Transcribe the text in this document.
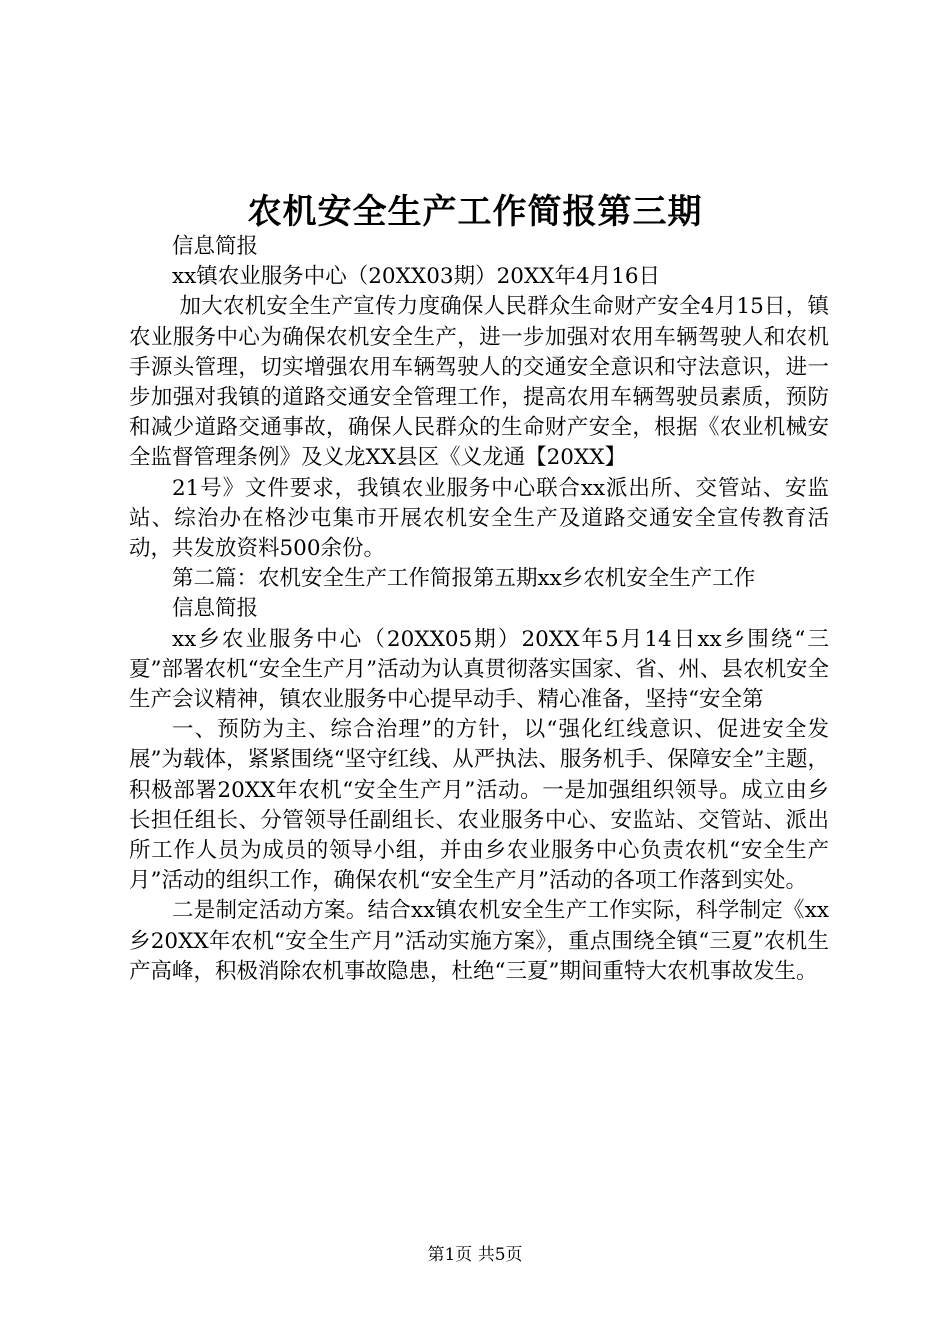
农机安全生产工作简报第三期

信息简报

xx镇农业服务中心（20XX03期）20XX年4月16日

加大农机安全生产宣传力度确保人民群众生命财产安全4月15日，镇农业服务中心为确保农机安全生产，进一步加强对农用车辆驾驶人和农机手源头管理，切实增强农用车辆驾驶人的交通安全意识和守法意识，进一步加强对我镇的道路交通安全管理工作，提高农用车辆驾驶员素质，预防和减少道路交通事故，确保人民群众的生命财产安全，根据《农业机械安全监督管理条例》及义龙XX县区《义龙通【20XX】

21号》文件要求，我镇农业服务中心联合xx派出所、交管站、安监站、综治办在格沙屯集市开展农机安全生产及道路交通安全宣传教育活动，共发放资料500余份。

第二篇：农机安全生产工作简报第五期xx乡农机安全生产工作

信息简报

xx乡农业服务中心（20XX05期）20XX年5月14日xx乡围绕“三夏”部署农机“安全生产月”活动为认真贯彻落实国家、省、州、县农机安全生产会议精神，镇农业服务中心提早动手、精心准备，坚持“安全第

一、预防为主、综合治理”的方针，以“强化红线意识、促进安全发展”为载体，紧紧围绕“坚守红线、从严执法、服务机手、保障安全”主题，积极部署20XX年农机“安全生产月”活动。一是加强组织领导。成立由乡长担任组长、分管领导任副组长、农业服务中心、安监站、交管站、派出所工作人员为成员的领导小组，并由乡农业服务中心负责农机“安全生产月”活动的组织工作，确保农机“安全生产月”活动的各项工作落到实处。

二是制定活动方案。结合xx镇农机安全生产工作实际，科学制定《xx乡20XX年农机“安全生产月”活动实施方案》，重点围绕全镇“三夏”农机生产高峰，积极消除农机事故隐患，杜绝“三夏”期间重特大农机事故发生。

第1页 共5页
